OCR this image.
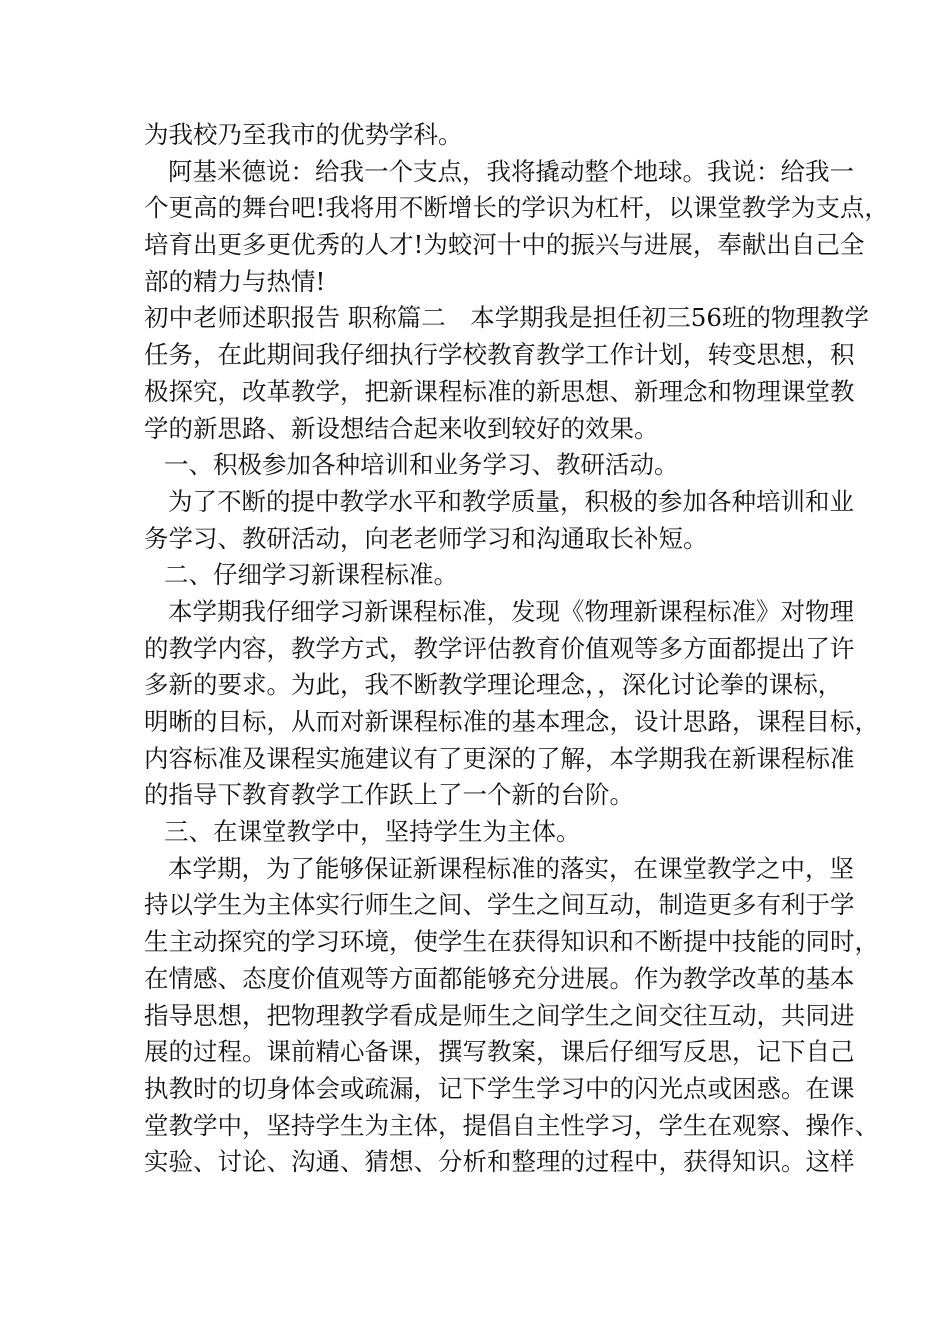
为我校乃至我市的优势学科。
阿基米德说：给我一个支点，我将撬动整个地球。我说：给我一
个更高的舞台吧!我将用不断增长的学识为杠杆，以课堂教学为支点，
培育出更多更优秀的人才!为蛟河十中的振兴与进展，奉献出自己全
部的精力与热情!
初中老师述职报告 职称篇二　本学期我是担任初三56班的物理教学
任务，在此期间我仔细执行学校教育教学工作计划，转变思想，积
极探究，改革教学，把新课程标准的新思想、新理念和物理课堂教
学的新思路、新设想结合起来收到较好的效果。
一、积极参加各种培训和业务学习、教研活动。
为了不断的提中教学水平和教学质量，积极的参加各种培训和业
务学习、教研活动，向老老师学习和沟通取长补短。
二、仔细学习新课程标准。
本学期我仔细学习新课程标准，发现《物理新课程标准》对物理
的教学内容，教学方式，教学评估教育价值观等多方面都提出了许
多新的要求。为此，我不断教学理论理念，，深化讨论拳的课标，
明晰的目标，从而对新课程标准的基本理念，设计思路，课程目标，
内容标准及课程实施建议有了更深的了解，本学期我在新课程标准
的指导下教育教学工作跃上了一个新的台阶。
三、在课堂教学中，坚持学生为主体。
本学期，为了能够保证新课程标准的落实，在课堂教学之中，坚
持以学生为主体实行师生之间、学生之间互动，制造更多有利于学
生主动探究的学习环境，使学生在获得知识和不断提中技能的同时，
在情感、态度价值观等方面都能够充分进展。作为教学改革的基本
指导思想，把物理教学看成是师生之间学生之间交往互动，共同进
展的过程。课前精心备课，撰写教案，课后仔细写反思，记下自己
执教时的切身体会或疏漏，记下学生学习中的闪光点或困惑。在课
堂教学中，坚持学生为主体，提倡自主性学习，学生在观察、操作、
实验、讨论、沟通、猜想、分析和整理的过程中，获得知识。这样
